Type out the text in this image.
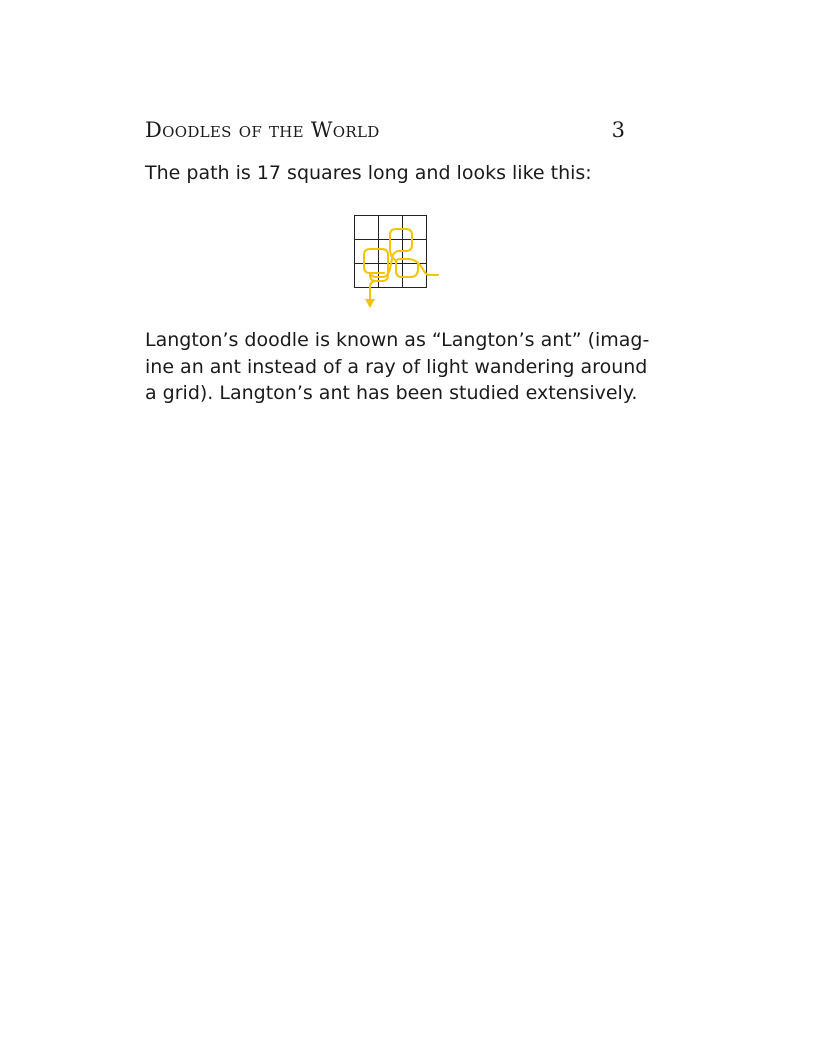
Doodles of the World	3

The path is 17 squares long and looks like this:

Langton’s doodle is known as “Langton’s ant” (imag-
ine an ant instead of a ray of light wandering around
a grid). Langton’s ant has been studied extensively.
